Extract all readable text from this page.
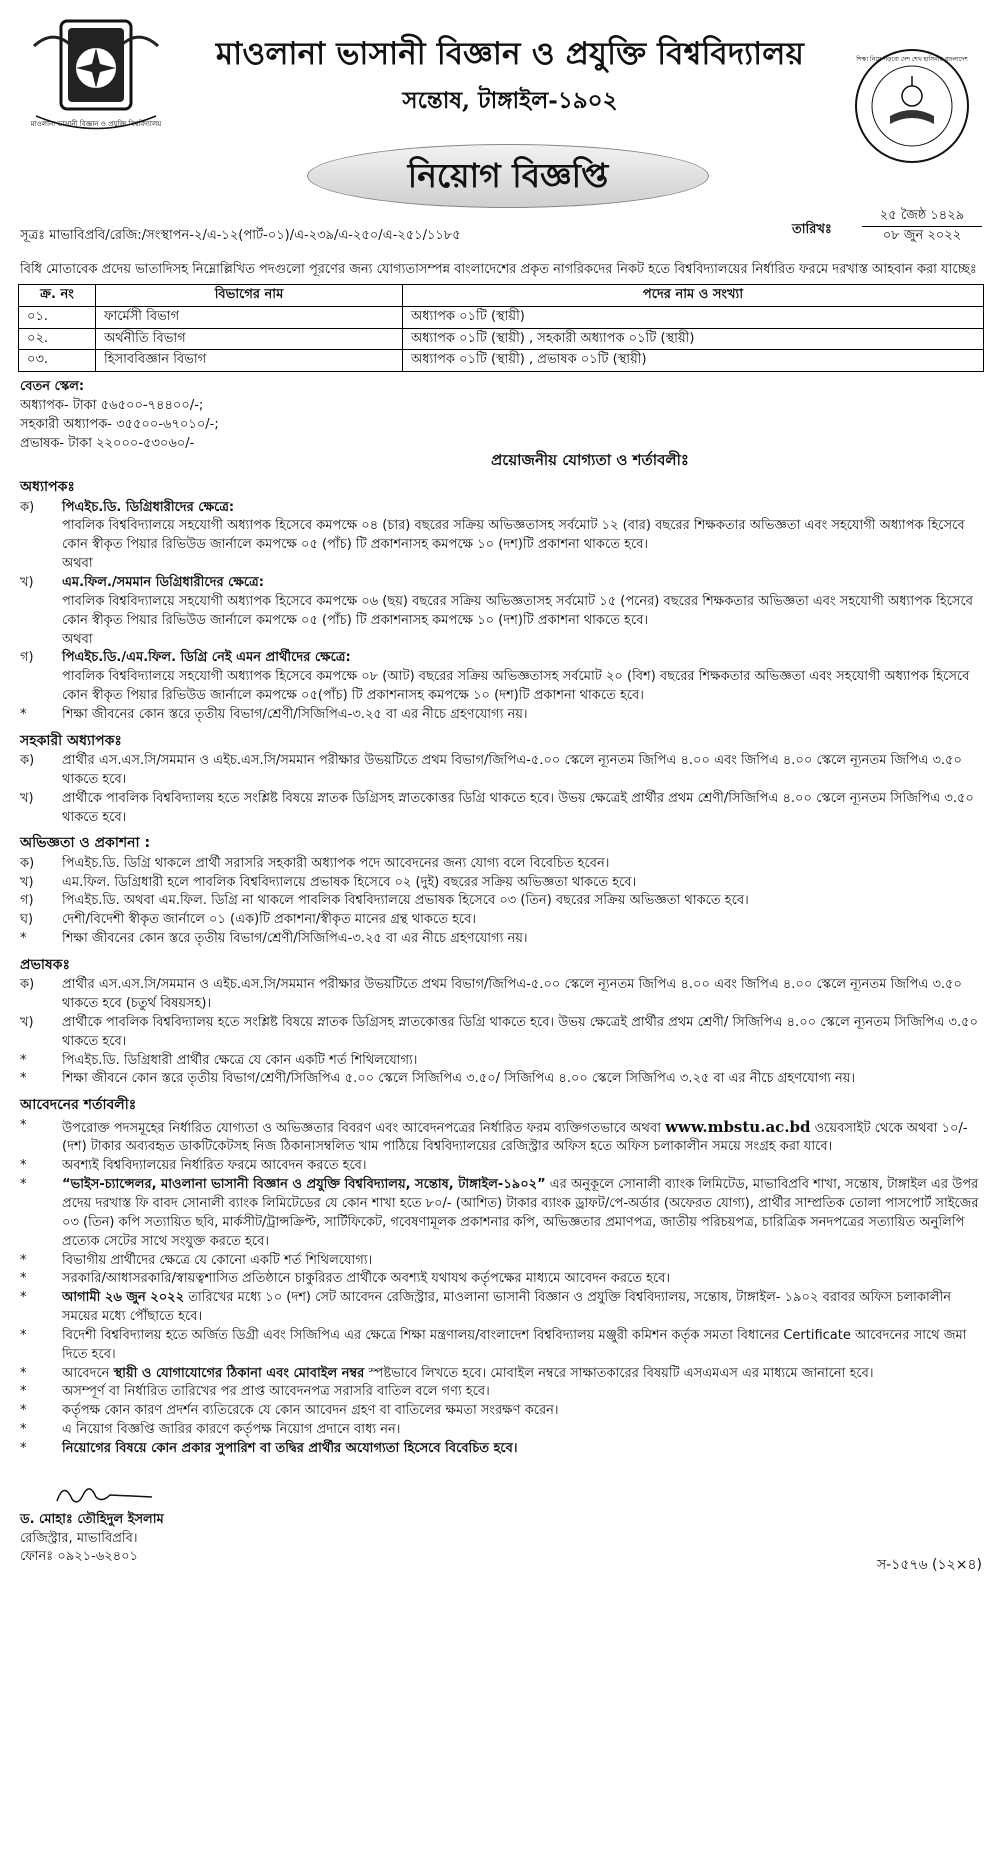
মাওলানা ভাসানী বিজ্ঞান ও প্রযুক্তি বিশ্ববিদ্যালয়
মাওলানা ভাসানী বিজ্ঞান ও প্রযুক্তি বিশ্ববিদ্যালয়
সন্তোষ, টাঙ্গাইল-১৯০২
শিক্ষা নিয়ে গড়বো দেশ শেখ হাসিনার বাংলাদেশ
নিয়োগ বিজ্ঞপ্তি
সূত্রঃ মাভাবিপ্রবি/রেজি:/সংস্থাপন-২/এ-১২(পার্ট-০১)/এ-২৩৯/এ-২৫০/এ-২৫১/১১৮৫	তারিখঃ
২৫ জৈষ্ঠ ১৪২৯
০৮ জুন ২০২২
বিধি মোতাবেক প্রদেয় ভাতাদিসহ নিম্নোল্লিখিত পদগুলো পূরণের জন্য যোগ্যতাসম্পন্ন বাংলাদেশের প্রকৃত নাগরিকদের নিকট হতে বিশ্ববিদ্যালয়ের নির্ধারিত ফরমে দরখাস্ত আহবান করা যাচ্ছেঃ
ক্র. নং	বিভাগের নাম	পদের নাম ও সংখ্যা
০১.	ফার্মেসী বিভাগ	অধ্যাপক ০১টি (স্থায়ী)
০২.	অর্থনীতি বিভাগ	অধ্যাপক ০১টি (স্থায়ী) , সহকারী অধ্যাপক ০১টি (স্থায়ী)
০৩.	হিসাববিজ্ঞান বিভাগ	অধ্যাপক ০১টি (স্থায়ী) , প্রভাষক ০১টি (স্থায়ী)
বেতন স্কেল:
অধ্যাপক- টাকা ৫৬৫০০-৭৪৪০০/-;
সহকারী অধ্যাপক- ৩৫৫০০-৬৭০১০/-;
প্রভাষক- টাকা ২২০০০-৫৩০৬০/-
প্রয়োজনীয় যোগ্যতা ও শর্তাবলীঃ
অধ্যাপকঃ
ক)	পিএইচ.ডি. ডিগ্রিধারীদের ক্ষেত্রে:
পাবলিক বিশ্ববিদ্যালয়ে সহযোগী অধ্যাপক হিসেবে কমপক্ষে ০৪ (চার) বছরের সক্রিয় অভিজ্ঞতাসহ সর্বমোট ১২ (বার) বছরের শিক্ষকতার অভিজ্ঞতা এবং সহযোগী অধ্যাপক হিসেবে কোন স্বীকৃত পিয়ার রিভিউড জার্নালে কমপক্ষে ০৫ (পাঁচ) টি প্রকাশনাসহ কমপক্ষে ১০ (দশ)টি প্রকাশনা থাকতে হবে।
অথবা
খ)	এম.ফিল./সমমান ডিগ্রিধারীদের ক্ষেত্রে:
পাবলিক বিশ্ববিদ্যালয়ে সহযোগী অধ্যাপক হিসেবে কমপক্ষে ০৬ (ছয়) বছরের সক্রিয় অভিজ্ঞতাসহ সর্বমোট ১৫ (পনের) বছরের শিক্ষকতার অভিজ্ঞতা এবং সহযোগী অধ্যাপক হিসেবে কোন স্বীকৃত পিয়ার রিভিউড জার্নালে কমপক্ষে ০৫ (পাঁচ) টি প্রকাশনাসহ কমপক্ষে ১০ (দশ)টি প্রকাশনা থাকতে হবে।
অথবা
গ)	পিএইচ.ডি./এম.ফিল. ডিগ্রি নেই এমন প্রার্থীদের ক্ষেত্রে:
পাবলিক বিশ্ববিদ্যালয়ে সহযোগী অধ্যাপক হিসেবে কমপক্ষে ০৮ (আট) বছরের সক্রিয় অভিজ্ঞতাসহ সর্বমোট ২০ (বিশ) বছরের শিক্ষকতার অভিজ্ঞতা এবং সহযোগী অধ্যাপক হিসেবে কোন স্বীকৃত পিয়ার রিভিউড জার্নালে কমপক্ষে ০৫(পাঁচ) টি প্রকাশনাসহ কমপক্ষে ১০ (দশ)টি প্রকাশনা থাকতে হবে।
*	শিক্ষা জীবনের কোন স্তরে তৃতীয় বিভাগ/শ্রেণী/সিজিপিএ-৩.২৫ বা এর নীচে গ্রহণযোগ্য নয়।
সহকারী অধ্যাপকঃ
ক)	প্রার্থীর এস.এস.সি/সমমান ও এইচ.এস.সি/সমমান পরীক্ষার উভয়টিতে প্রথম বিভাগ/জিপিএ-৫.০০ স্কেলে ন্যূনতম জিপিএ ৪.০০ এবং জিপিএ ৪.০০ স্কেলে ন্যূনতম জিপিএ ৩.৫০ থাকতে হবে।
খ)	প্রার্থীকে পাবলিক বিশ্ববিদ্যালয় হতে সংশ্লিষ্ট বিষয়ে স্নাতক ডিগ্রিসহ স্নাতকোত্তর ডিগ্রি থাকতে হবে। উভয় ক্ষেত্রেই প্রার্থীর প্রথম শ্রেণী/সিজিপিএ ৪.০০ স্কেলে ন্যূনতম সিজিপিএ ৩.৫০ থাকতে হবে।
অভিজ্ঞতা ও প্রকাশনা :
ক)	পিএইচ.ডি. ডিগ্রি থাকলে প্রার্থী সরাসরি সহকারী অধ্যাপক পদে আবেদনের জন্য যোগ্য বলে বিবেচিত হবেন।
খ)	এম.ফিল. ডিগ্রিধারী হলে পাবলিক বিশ্ববিদ্যালয়ে প্রভাষক হিসেবে ০২ (দুই) বছরের সক্রিয় অভিজ্ঞতা থাকতে হবে।
গ)	পিএইচ.ডি. অথবা এম.ফিল. ডিগ্রি না থাকলে পাবলিক বিশ্ববিদ্যালয়ে প্রভাষক হিসেবে ০৩ (তিন) বছরের সক্রিয় অভিজ্ঞতা থাকতে হবে।
ঘ)	দেশী/বিদেশী স্বীকৃত জার্নালে ০১ (এক)টি প্রকাশনা/স্বীকৃত মানের গ্রন্থ থাকতে হবে।
*	শিক্ষা জীবনের কোন স্তরে তৃতীয় বিভাগ/শ্রেণী/সিজিপিএ-৩.২৫ বা এর নীচে গ্রহণযোগ্য নয়।
প্রভাষকঃ
ক)	প্রার্থীর এস.এস.সি/সমমান ও এইচ.এস.সি/সমমান পরীক্ষার উভয়টিতে প্রথম বিভাগ/জিপিএ-৫.০০ স্কেলে ন্যূনতম জিপিএ ৪.০০ এবং জিপিএ ৪.০০ স্কেলে ন্যূনতম জিপিএ ৩.৫০ থাকতে হবে (চতুর্থ বিষয়সহ)।
খ)	প্রার্থীকে পাবলিক বিশ্ববিদ্যালয় হতে সংশ্লিষ্ট বিষয়ে স্নাতক ডিগ্রিসহ স্নাতকোত্তর ডিগ্রি থাকতে হবে। উভয় ক্ষেত্রেই প্রার্থীর প্রথম শ্রেণী/ সিজিপিএ ৪.০০ স্কেলে ন্যূনতম সিজিপিএ ৩.৫০ থাকতে হবে।
*	পিএইচ.ডি. ডিগ্রিধারী প্রার্থীর ক্ষেত্রে যে কোন একটি শর্ত শিথিলযোগ্য।
*	শিক্ষা জীবনে কোন স্তরে তৃতীয় বিভাগ/শ্রেণী/সিজিপিএ ৫.০০ স্কেলে সিজিপিএ ৩.৫০/ সিজিপিএ ৪.০০ স্কেলে সিজিপিএ ৩.২৫ বা এর নীচে গ্রহণযোগ্য নয়।
আবেদনের শর্তাবলীঃ
*	উপরোক্ত পদসমূহের নির্ধারিত যোগ্যতা ও অভিজ্ঞতার বিবরণ এবং আবেদনপত্রের নির্ধারিত ফরম ব্যক্তিগতভাবে অথবা www.mbstu.ac.bd ওয়েবসাইট থেকে অথবা ১০/- (দশ) টাকার অব্যবহৃত ডাকটিকেটসহ নিজ ঠিকানাসম্বলিত খাম পাঠিয়ে বিশ্ববিদ্যালয়ের রেজিস্ট্রার অফিস হতে অফিস চলাকালীন সময়ে সংগ্রহ করা যাবে।
*	অবশ্যই বিশ্ববিদ্যালয়ের নির্ধারিত ফরমে আবেদন করতে হবে।
*	“ভাইস-চ্যান্সেলর, মাওলানা ভাসানী বিজ্ঞান ও প্রযুক্তি বিশ্ববিদ্যালয়, সন্তোষ, টাঙ্গাইল-১৯০২” এর অনুকূলে সোনালী ব্যাংক লিমিটেড, মাভাবিপ্রবি শাখা, সন্তোষ, টাঙ্গাইল এর উপর প্রদেয় দরখাস্ত ফি বাবদ সোনালী ব্যাংক লিমিটেডের যে কোন শাখা হতে ৮০/- (আশিত) টাকার ব্যাংক ড্রাফট/পে-অর্ডার (অফেরত যোগ্য), প্রার্থীর সাম্প্রতিক তোলা পাসপোর্ট সাইজের ০৩ (তিন) কপি সত্যায়িত ছবি, মার্কসীট/ট্রান্সক্রিপ্ট, সার্টিফিকেট, গবেষণামূলক প্রকাশনার কপি, অভিজ্ঞতার প্রমাণপত্র, জাতীয় পরিচয়পত্র, চারিত্রিক সনদপত্রের সত্যায়িত অনুলিপি প্রত্যেক সেটের সাথে সংযুক্ত করতে হবে।
*	বিভাগীয় প্রার্থীদের ক্ষেত্রে যে কোনো একটি শর্ত শিথিলযোগ্য।
*	সরকারি/আধাসরকারি/স্বায়ত্বশাসিত প্রতিষ্ঠানে চাকুরিরত প্রার্থীকে অবশ্যই যথাযথ কর্তৃপক্ষের মাধ্যমে আবেদন করতে হবে।
*	আগামী ২৬ জুন ২০২২ তারিখের মধ্যে ১০ (দশ) সেট আবেদন রেজিস্ট্রার, মাওলানা ভাসানী বিজ্ঞান ও প্রযুক্তি বিশ্ববিদ্যালয়, সন্তোষ, টাঙ্গাইল- ১৯০২ বরাবর অফিস চলাকালীন সময়ের মধ্যে পৌঁছাতে হবে।
*	বিদেশী বিশ্ববিদ্যালয় হতে অর্জিত ডিগ্রী এবং সিজিপিএ এর ক্ষেত্রে শিক্ষা মন্ত্রণালয়/বাংলাদেশ বিশ্ববিদ্যালয় মঞ্জুরী কমিশন কর্তৃক সমতা বিধানের Certificate আবেদনের সাথে জমা দিতে হবে।
*	আবেদনে স্থায়ী ও যোগাযোগের ঠিকানা এবং মোবাইল নম্বর স্পষ্টভাবে লিখতে হবে। মোবাইল নম্বরে সাক্ষাতকারের বিষয়টি এসএমএস এর মাধ্যমে জানানো হবে।
*	অসম্পূর্ণ বা নির্ধারিত তারিখের পর প্রাপ্ত আবেদনপত্র সরাসরি বাতিল বলে গণ্য হবে।
*	কর্তৃপক্ষ কোন কারণ প্রদর্শন ব্যতিরেকে যে কোন আবেদন গ্রহণ বা বাতিলের ক্ষমতা সংরক্ষণ করেন।
*	এ নিয়োগ বিজ্ঞপ্তি জারির কারণে কর্তৃপক্ষ নিয়োগ প্রদানে বাধ্য নন।
*	নিয়োগের বিষয়ে কোন প্রকার সুপারিশ বা তদ্বির প্রার্থীর অযোগ্যতা হিসেবে বিবেচিত হবে।
ড. মোহাঃ তৌহিদুল ইসলাম
রেজিস্ট্রার, মাভাবিপ্রবি।
ফোনঃ ০৯২১-৬২৪০১	স-১৫৭৬ (১২×৪)
